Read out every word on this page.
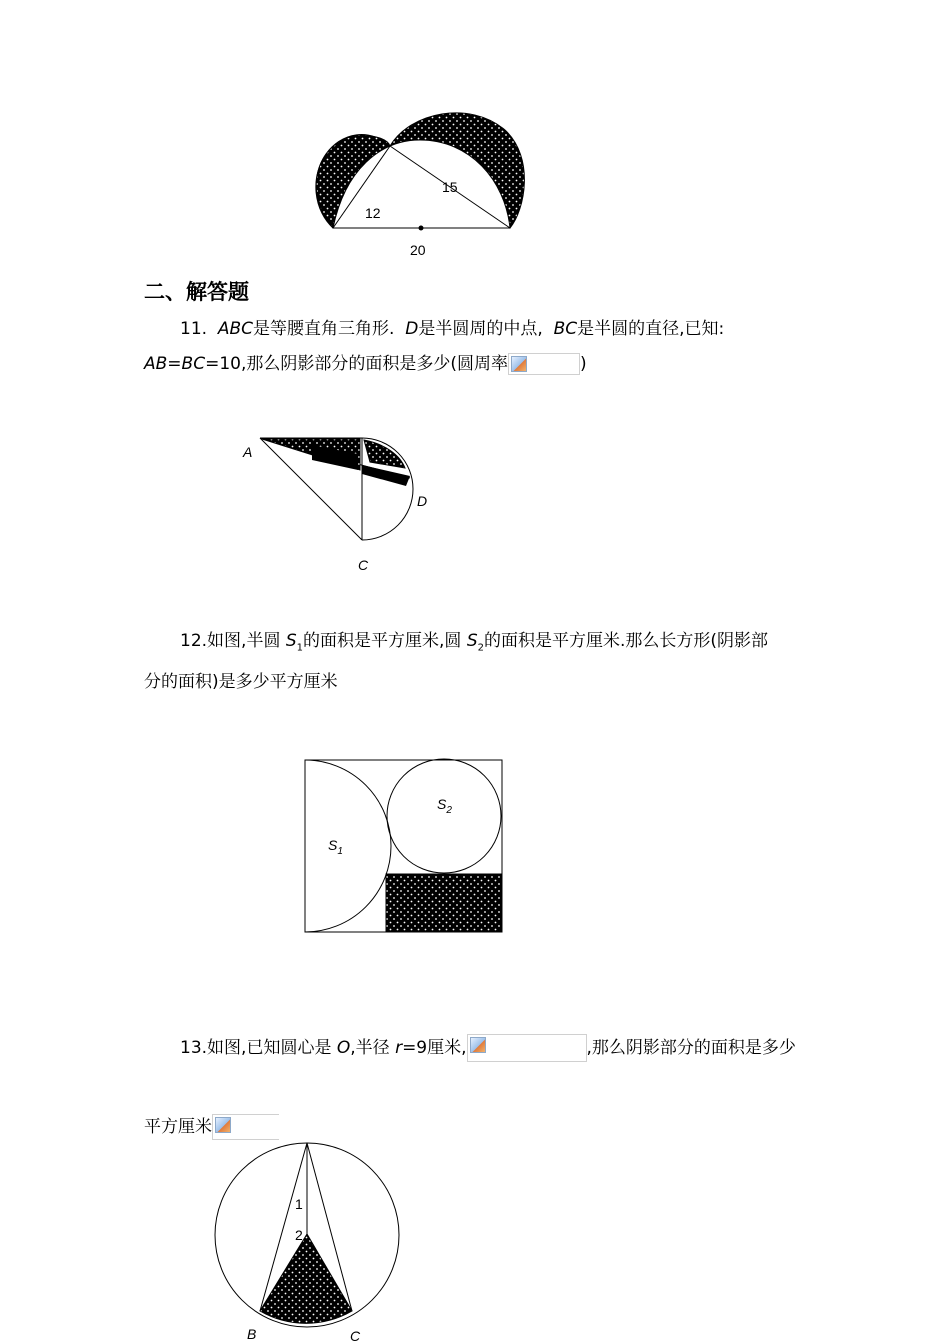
12
15
20
二、解答题
11. ABC是等腰直角三角形. D是半圆周的中点, BC是半圆的直径,已知:
AB=BC=10,那么阴影部分的面积是多少(圆周率	)
A
D
C
12.如图,半圆 $S_1$的面积是平方厘米,圆 $S_2$的面积是平方厘米.那么长方形(阴影部
分的面积)是多少平方厘米
$S_2$
$S_1$
13.如图,已知圆心是 O,半径 r=9厘米,	,那么阴影部分的面积是多少
平方厘米
1
2
B	C
